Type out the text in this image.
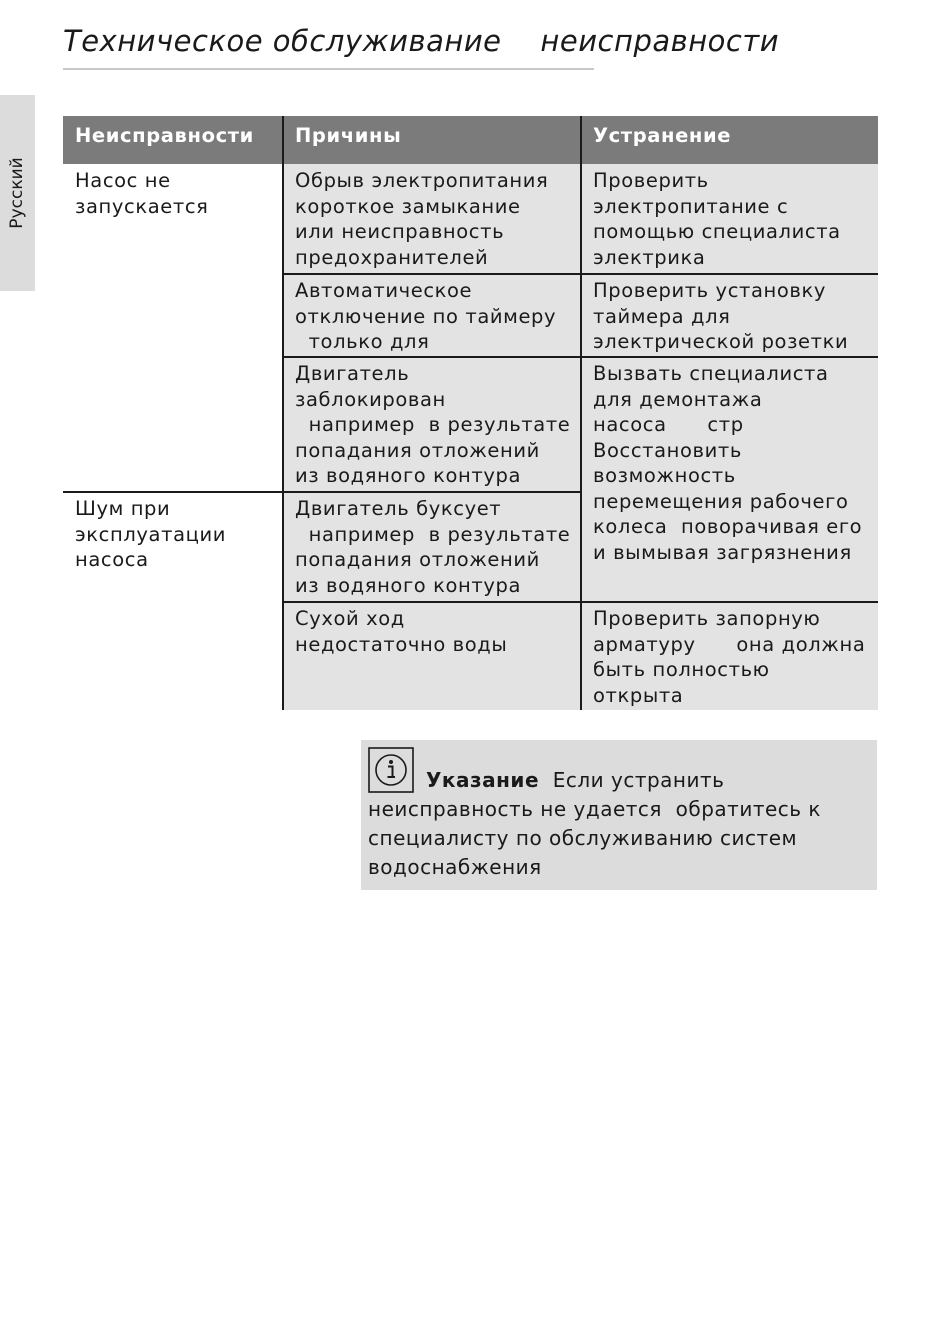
Техническое обслуживание    неисправности
Русский
Неисправности	Причины	Устранение
Насос не
запускается
Шум при
эксплуатации
насоса
Обрыв электропитания
короткое замыкание
или неисправность
предохранителей
Автоматическое
отключение по таймеру
только для
Двигатель
заблокирован
например  в результате
попадания отложений
из водяного контура
Двигатель буксует
например  в результате
попадания отложений
из водяного контура
Сухой ход
недостаточно воды
Проверить
электропитание с
помощью специалиста
электрика
Проверить установку
таймера для
электрической розетки
Вызвать специалиста
для демонтажа
насоса      стр
Восстановить
возможность
перемещения рабочего
колеса  поворачивая его
и вымывая загрязнения
Проверить запорную
арматуру      она должна
быть полностью
открыта
Указание  Если устранить
неисправность не удается  обратитесь к
специалисту по обслуживанию систем
водоснабжения
